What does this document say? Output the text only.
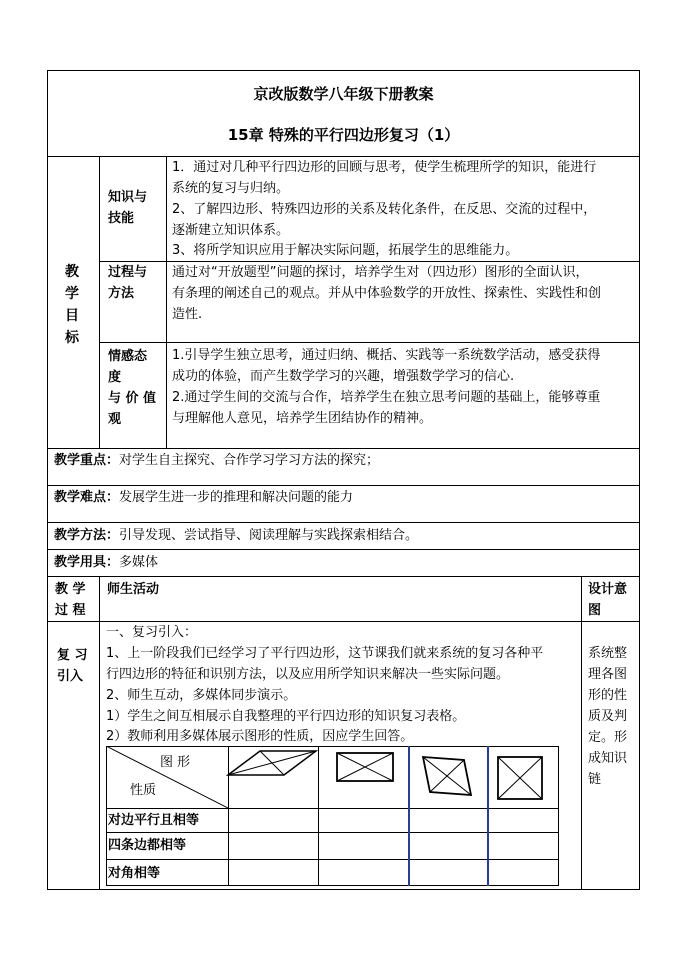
京改版数学八年级下册教案
15章 特殊的平行四边形复习（1）
教
学
目
标
知识与
技能
1．通过对几种平行四边形的回顾与思考，使学生梳理所学的知识，能进行
系统的复习与归纳。
2、了解四边形、特殊四边形的关系及转化条件，在反思、交流的过程中，
逐渐建立知识体系。
3、将所学知识应用于解决实际问题，拓展学生的思维能力。
过程与
方法
通过对“开放题型”问题的探讨，培养学生对（四边形）图形的全面认识，
有条理的阐述自己的观点。并从中体验数学的开放性、探索性、实践性和创
造性.
情感态
度
与 价 值
观
1.引导学生独立思考，通过归纳、概括、实践等一系统数学活动，感受获得
成功的体验，而产生数学学习的兴趣，增强数学学习的信心.
2.通过学生间的交流与合作，培养学生在独立思考问题的基础上，能够尊重
与理解他人意见，培养学生团结协作的精神。
教学重点：对学生自主探究、合作学习学习方法的探究；
教学难点：发展学生进一步的推理和解决问题的能力
教学方法：引导发现、尝试指导、阅读理解与实践探索相结合。
教学用具：多媒体
教 学
过 程
师生活动	设计意
图
复 习
引入
一、复习引入：
1、上一阶段我们已经学习了平行四边形，这节课我们就来系统的复习各种平
行四边形的特征和识别方法，以及应用所学知识来解决一些实际问题。
2、师生互动，多媒体同步演示。
1）学生之间互相展示自我整理的平行四边形的知识复习表格。
2）教师利用多媒体展示图形的性质，因应学生回答。
系统整
理各图
形的性
质及判
定。形
成知识
链
图 形
性质
对边平行且相等
四条边都相等
对角相等
